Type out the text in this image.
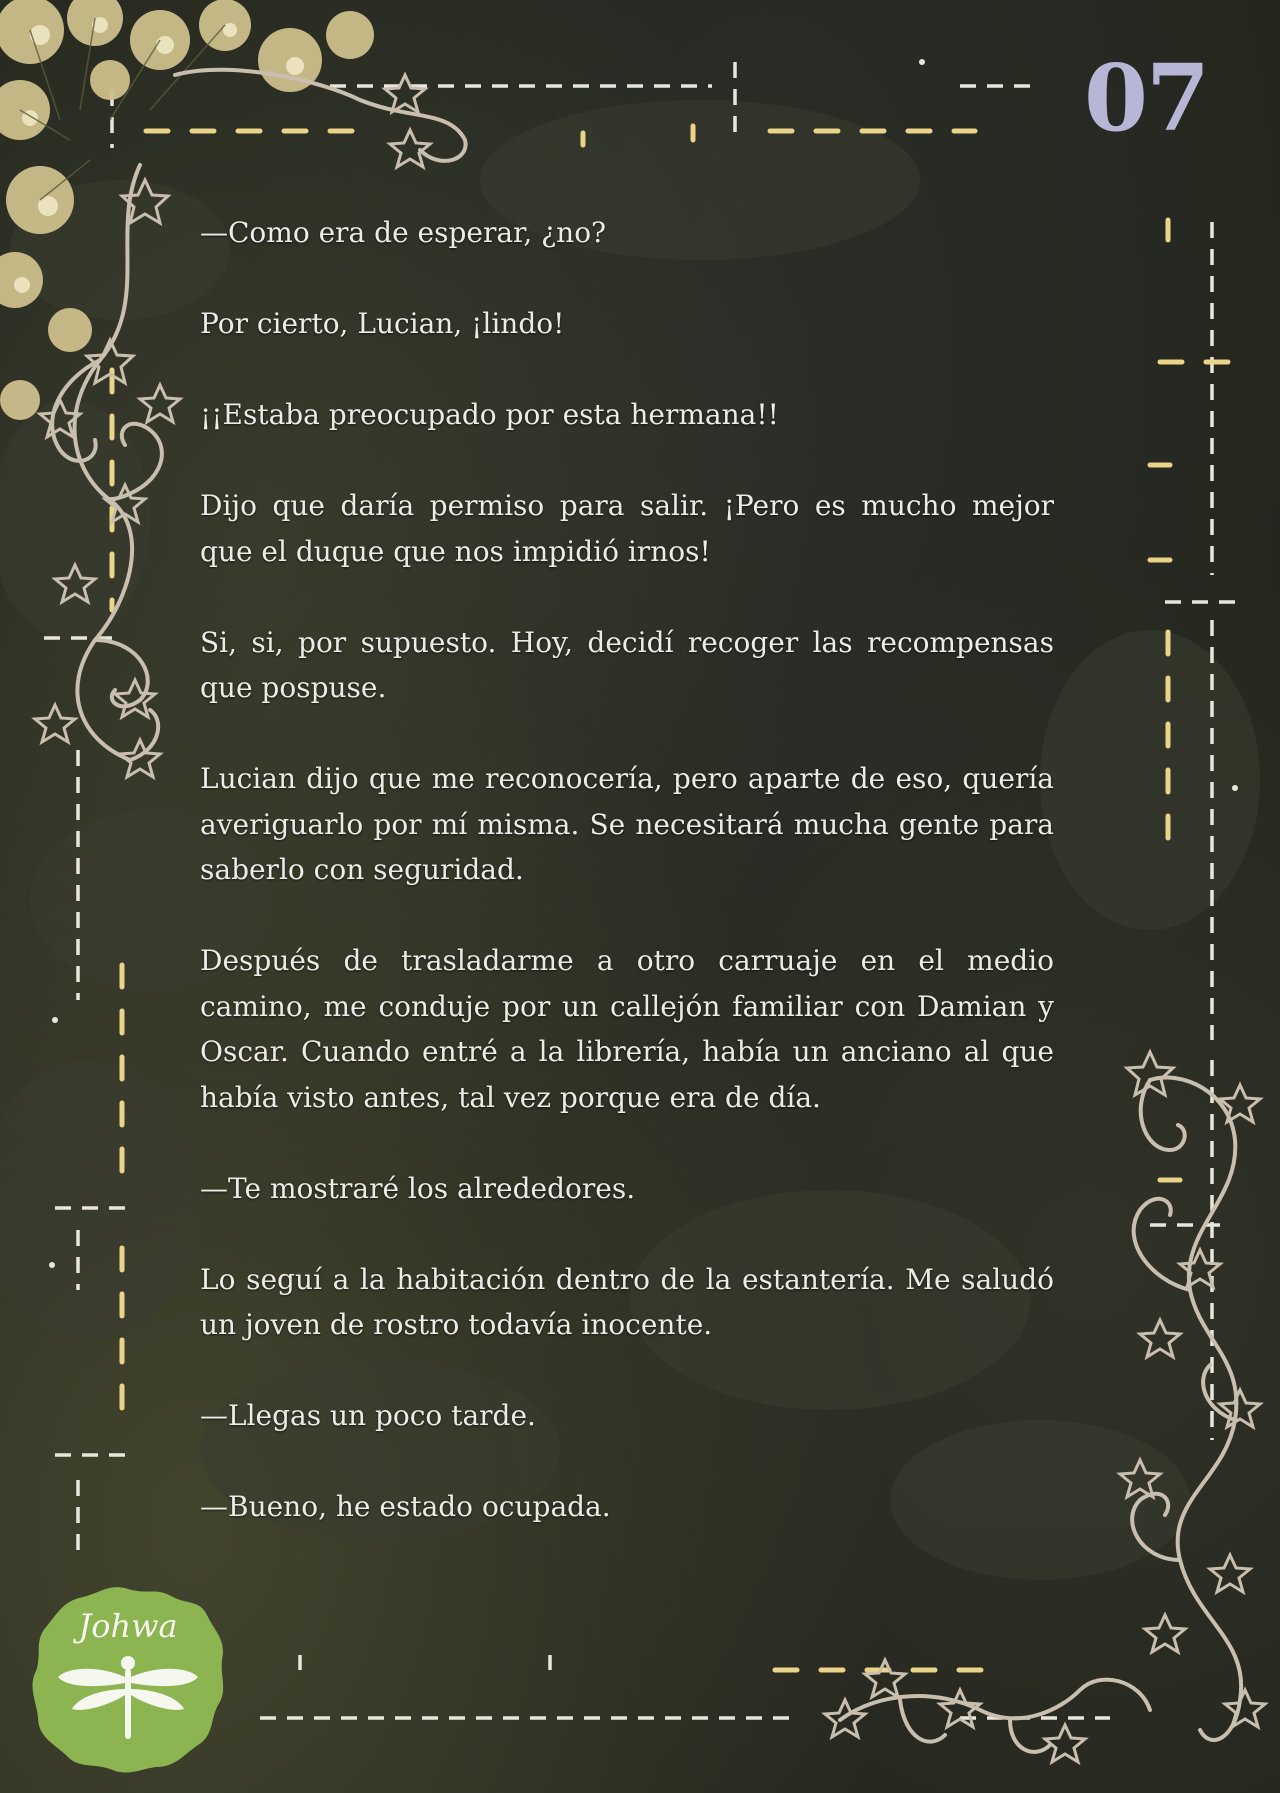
07

—Como era de esperar, ¿no?

Por cierto, Lucian, ¡lindo!

¡¡Estaba preocupado por esta hermana!!

Dijo que daría permiso para salir. ¡Pero es mucho mejor que el duque que nos impidió irnos!

Si, si, por supuesto. Hoy, decidí recoger las recompensas que pospuse.

Lucian dijo que me reconocería, pero aparte de eso, quería averiguarlo por mí misma. Se necesitará mucha gente para saberlo con seguridad.

Después de trasladarme a otro carruaje en el medio camino, me conduje por un callejón familiar con Damian y Oscar. Cuando entré a la librería, había un anciano al que había visto antes, tal vez porque era de día.

—Te mostraré los alrededores.

Lo seguí a la habitación dentro de la estantería. Me saludó un joven de rostro todavía inocente.

—Llegas un poco tarde.

—Bueno, he estado ocupada.

Johwa
